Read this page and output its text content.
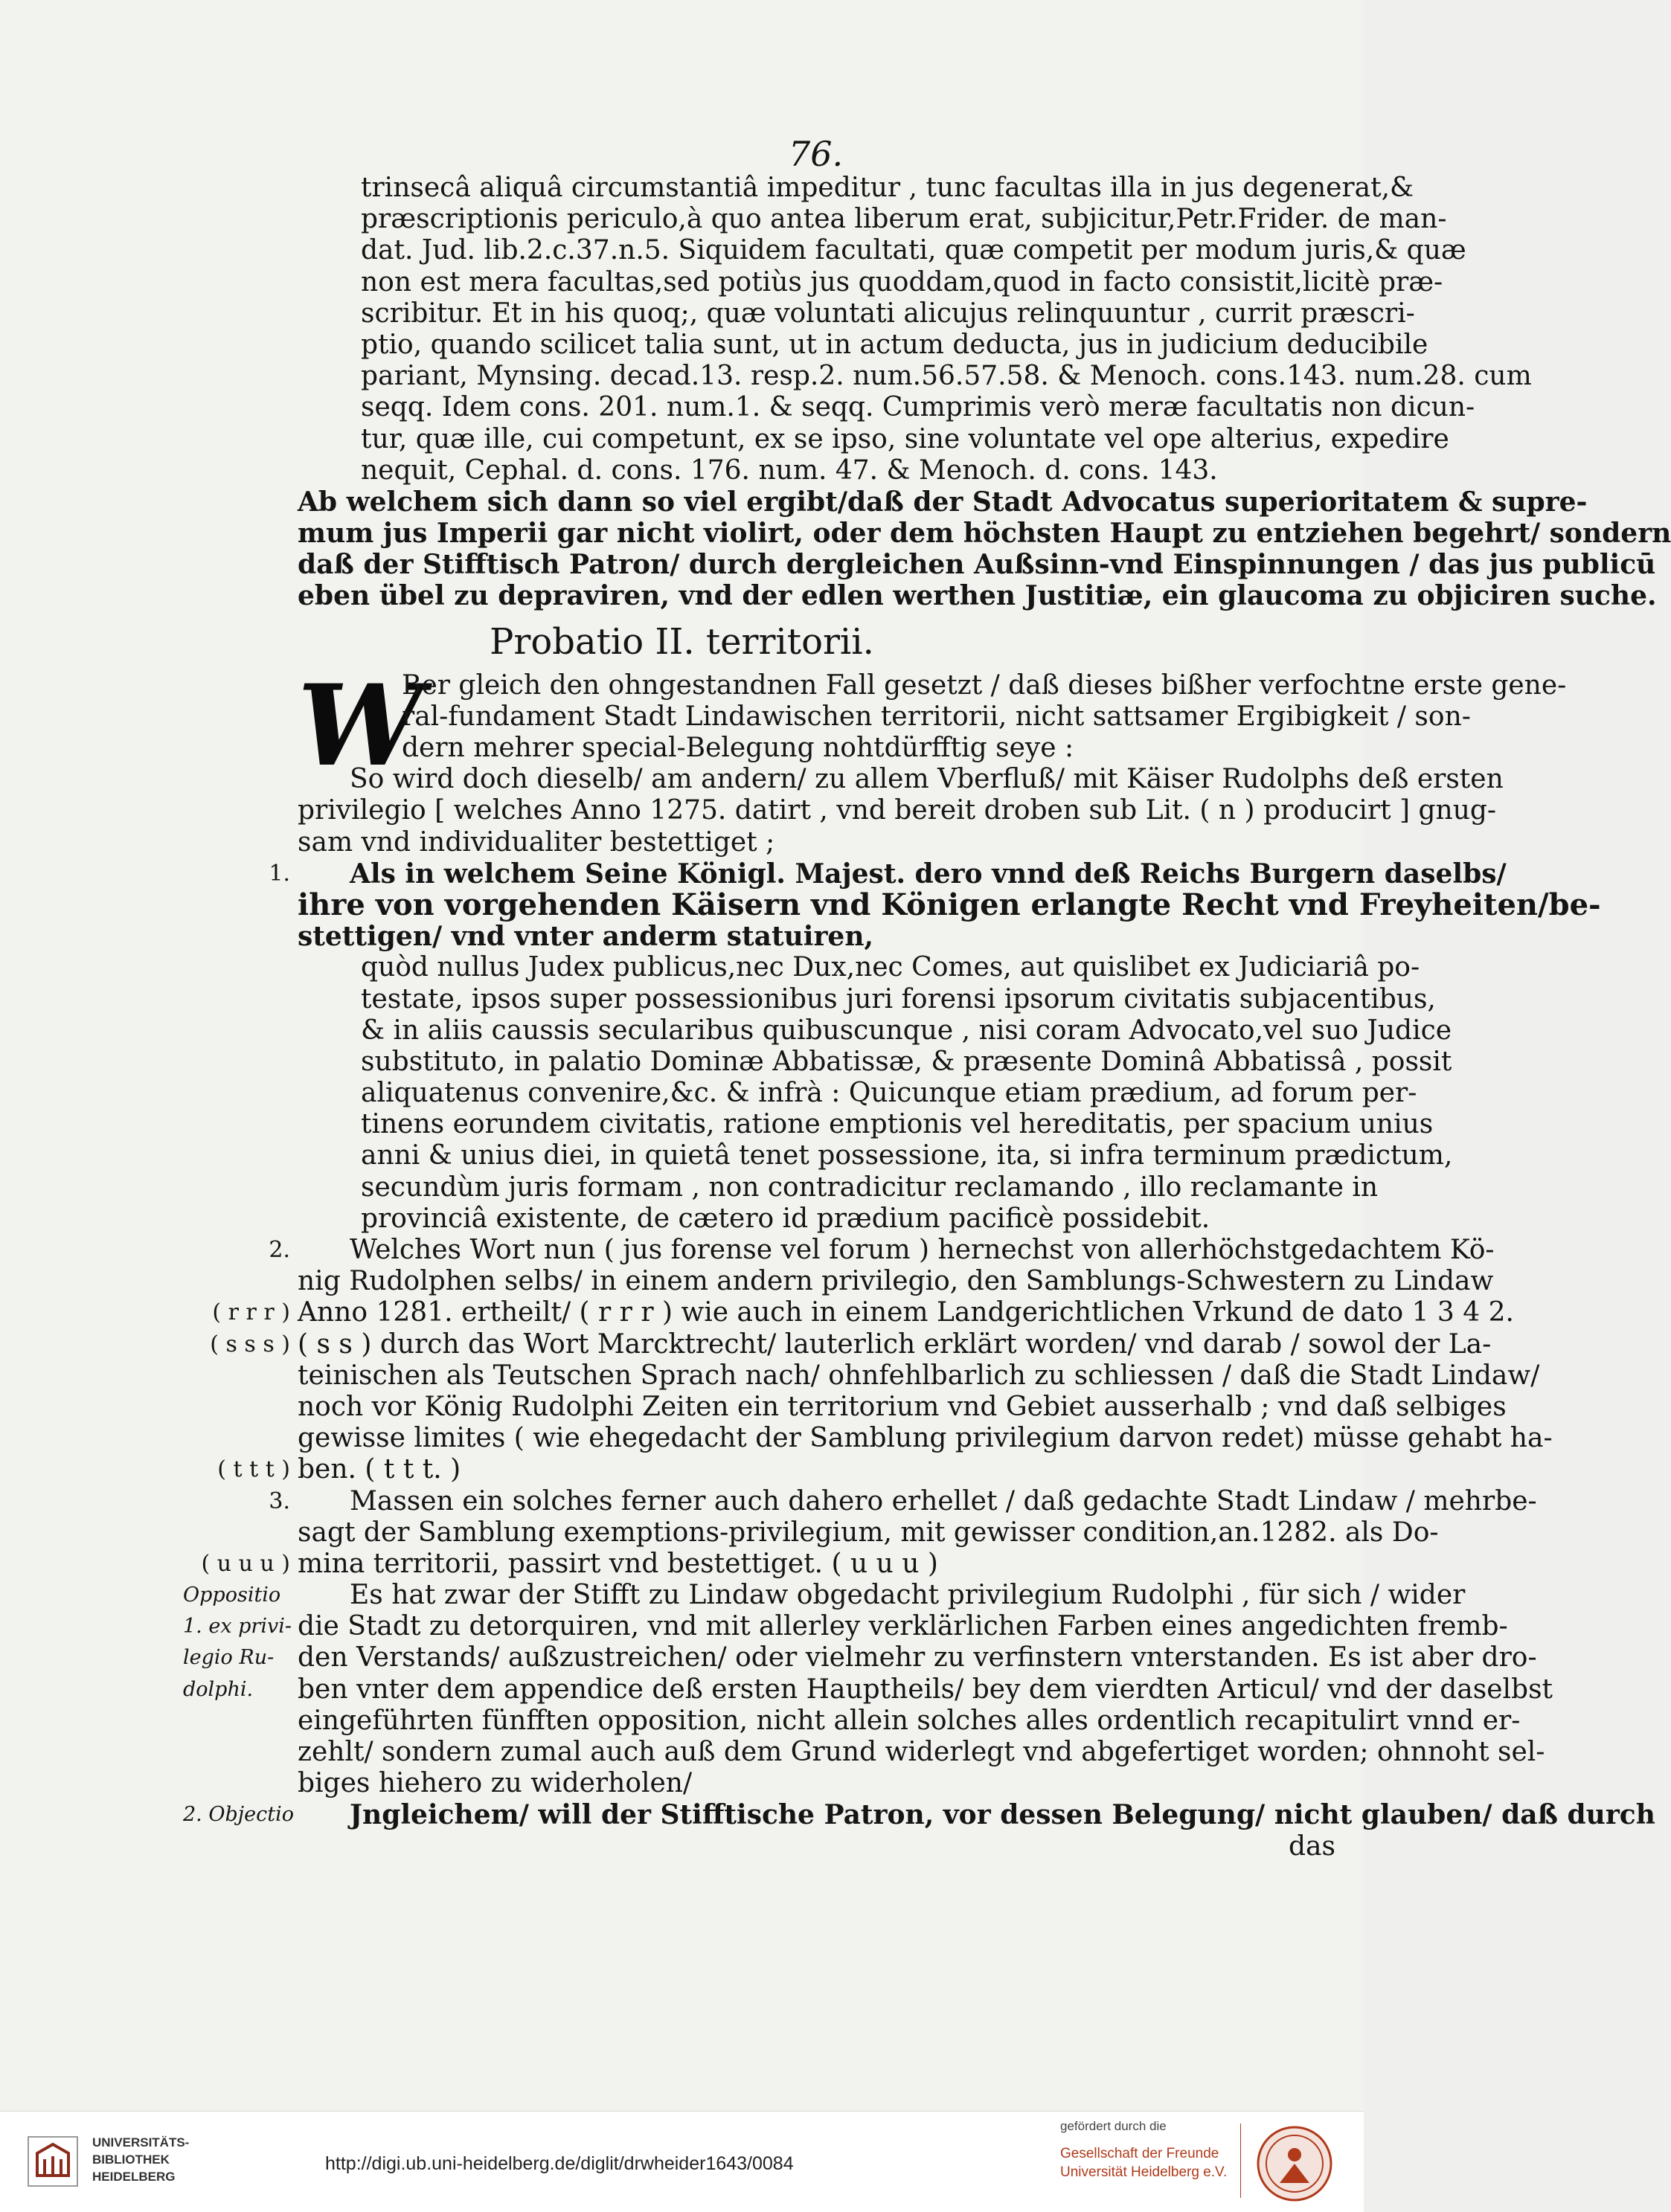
76.
trinsecâ aliquâ circumstantiâ impeditur , tunc facultas illa in jus degenerat,&
præscriptionis periculo,à quo antea liberum erat, subjicitur,Petr.Frider. de man-
dat. Jud. lib.2.c.37.n.5. Siquidem facultati, quæ competit per modum juris,& quæ
non est mera facultas,sed potiùs jus quoddam,quod in facto consistit,licitè præ-
scribitur. Et in his quoq;, quæ voluntati alicujus relinquuntur , currit præscri-
ptio, quando scilicet talia sunt, ut in actum deducta, jus in judicium deducibile
pariant, Mynsing. decad.13. resp.2. num.56.57.58. & Menoch. cons.143. num.28. cum
seqq. Idem cons. 201. num.1. & seqq. Cumprimis verò meræ facultatis non dicun-
tur, quæ ille, cui competunt, ex se ipso, sine voluntate vel ope alterius, expedire
nequit, Cephal. d. cons. 176. num. 47. & Menoch. d. cons. 143.
Ab welchem sich dann so viel ergibt/daß der Stadt Advocatus superioritatem & supre-
mum jus Imperii gar nicht violirt, oder dem höchsten Haupt zu entziehen begehrt/ sondern
daß der Stifftisch Patron/ durch dergleichen Außsinn-vnd Einspinnungen / das jus publicū
eben übel zu depraviren, vnd der edlen werthen Justitiæ, ein glaucoma zu objiciren suche.
Probatio II. territorii.
W
Ber gleich den ohngestandnen Fall gesetzt / daß dieses bißher verfochtne erste gene-
ral-fundament Stadt Lindawischen territorii, nicht sattsamer Ergibigkeit / son-
dern mehrer special-Belegung nohtdürfftig seye :
So wird doch dieselb/ am andern/ zu allem Vberfluß/ mit Käiser Rudolphs deß ersten
privilegio [ welches Anno 1275. datirt , vnd bereit droben sub Lit. ( n ) producirt ] gnug-
sam vnd individualiter bestettiget ;
Als in welchem Seine Königl. Majest. dero vnnd deß Reichs Burgern daselbs/
1.
ihre von vorgehenden Käisern vnd Königen erlangte Recht vnd Freyheiten/be-
stettigen/ vnd vnter anderm statuiren,
quòd nullus Judex publicus,nec Dux,nec Comes, aut quislibet ex Judiciariâ po-
testate, ipsos super possessionibus juri forensi ipsorum civitatis subjacentibus,
& in aliis caussis secularibus quibuscunque , nisi coram Advocato,vel suo Judice
substituto, in palatio Dominæ Abbatissæ, & præsente Dominâ Abbatissâ , possit
aliquatenus convenire,&c. & infrà : Quicunque etiam prædium, ad forum per-
tinens eorundem civitatis, ratione emptionis vel hereditatis, per spacium unius
anni & unius diei, in quietâ tenet possessione, ita, si infra terminum prædictum,
secundùm juris formam , non contradicitur reclamando , illo reclamante in
provinciâ existente, de cætero id prædium pacificè possidebit.
Welches Wort nun ( jus forense vel forum ) hernechst von allerhöchstgedachtem Kö-
2.
nig Rudolphen selbs/ in einem andern privilegio, den Samblungs-Schwestern zu Lindaw
Anno 1281. ertheilt/ ( r r r ) wie auch in einem Landgerichtlichen Vrkund de dato 1 3 4 2.
( r r r )
( s s ) durch das Wort Marcktrecht/ lauterlich erklärt worden/ vnd darab / sowol der La-
( s s s )
teinischen als Teutschen Sprach nach/ ohnfehlbarlich zu schliessen / daß die Stadt Lindaw/
noch vor König Rudolphi Zeiten ein territorium vnd Gebiet ausserhalb ; vnd daß selbiges
gewisse limites ( wie ehegedacht der Samblung privilegium darvon redet) müsse gehabt ha-
ben. ( t t t. )
( t t t )
Massen ein solches ferner auch dahero erhellet / daß gedachte Stadt Lindaw / mehrbe-
3.
sagt der Samblung exemptions-privilegium, mit gewisser condition,an.1282. als Do-
mina territorii, passirt vnd bestettiget. ( u u u )
( u u u )
Es hat zwar der Stifft zu Lindaw obgedacht privilegium Rudolphi , für sich / wider
Oppositio
die Stadt zu detorquiren, vnd mit allerley verklärlichen Farben eines angedichten fremb-
1. ex privi-
den Verstands/ außzustreichen/ oder vielmehr zu verfinstern vnterstanden. Es ist aber dro-
legio Ru-
ben vnter dem appendice deß ersten Hauptheils/ bey dem vierdten Articul/ vnd der daselbst
dolphi.
eingeführten fünfften opposition, nicht allein solches alles ordentlich recapitulirt vnnd er-
zehlt/ sondern zumal auch auß dem Grund widerlegt vnd abgefertiget worden; ohnnoht sel-
biges hiehero zu widerholen/
Jngleichem/ will der Stifftische Patron, vor dessen Belegung/ nicht glauben/ daß durch
2. Objectio
das
UNIVERSITÄTS-
BIBLIOTHEK
HEIDELBERG
http://digi.ub.uni-heidelberg.de/diglit/drwheider1643/0084
gefördert durch die
Gesellschaft der Freunde
Universität Heidelberg e.V.
